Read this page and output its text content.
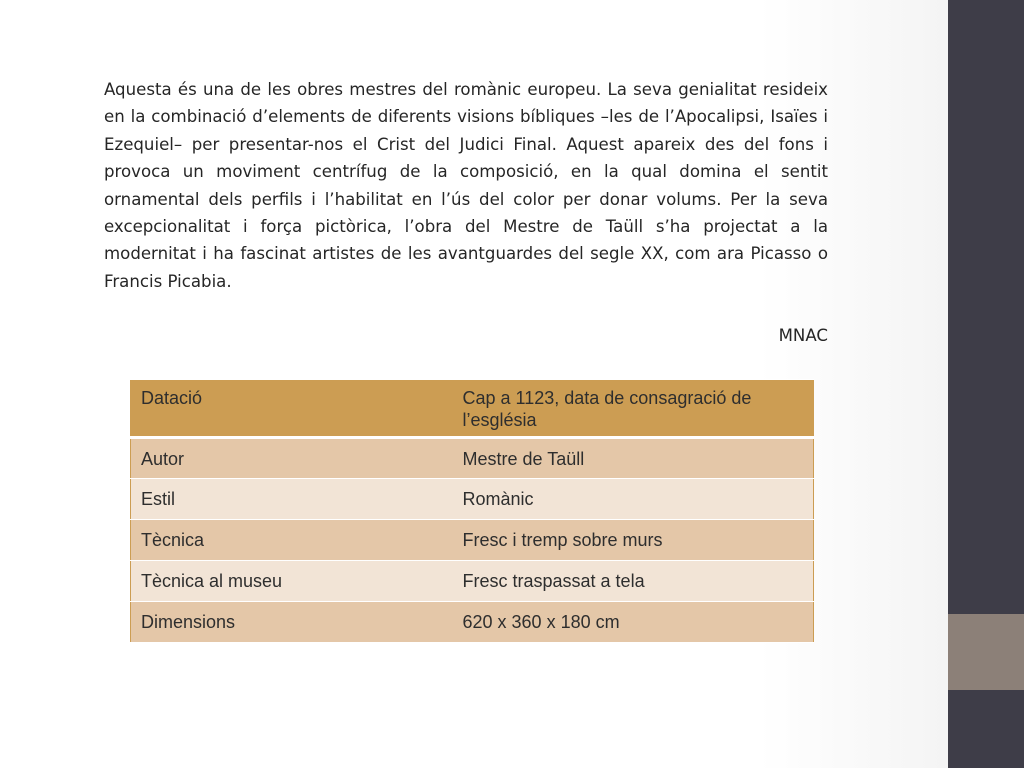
Aquesta és una de les obres mestres del romànic europeu. La seva genialitat resideix en la combinació d’elements de diferents visions bíbliques –les de l’Apocalipsi, Isaïes i Ezequiel– per presentar-nos el Crist del Judici Final. Aquest apareix des del fons i provoca un moviment centrífug de la composició, en la qual domina el sentit ornamental dels perfils i l’habilitat en l’ús del color per donar volums. Per la seva excepcionalitat i força pictòrica, l’obra del Mestre de Taüll s’ha projectat a la modernitat i ha fascinat artistes de les avantguardes del segle XX, com ara Picasso o Francis Picabia.

MNAC

Datació	Cap a 1123, data de consagració de l’església
Autor	Mestre de Taüll
Estil	Romànic
Tècnica	Fresc i tremp sobre murs
Tècnica al museu	Fresc traspassat a tela
Dimensions	620 x 360 x 180 cm
